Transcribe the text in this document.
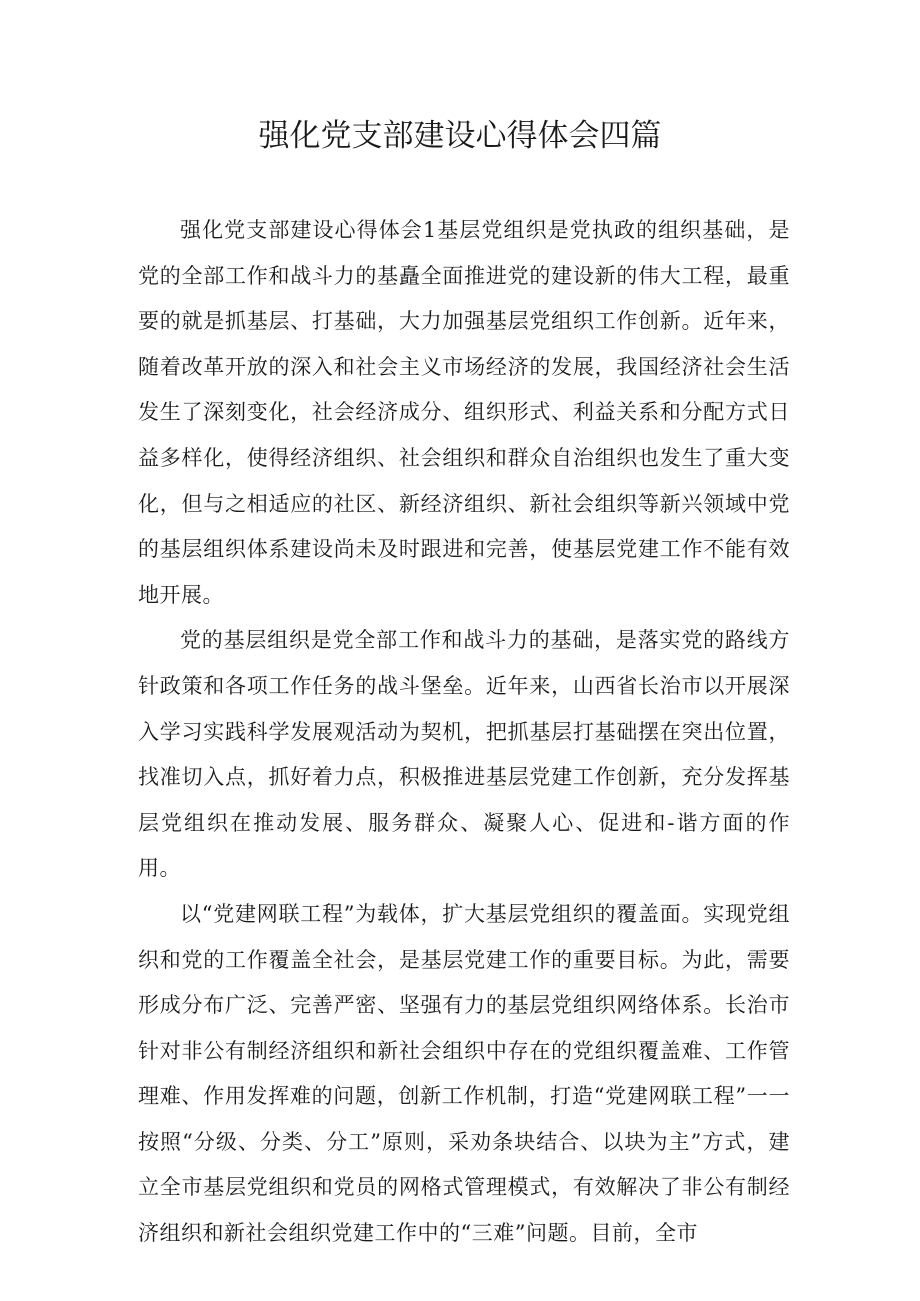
强化党支部建设心得体会四篇

强化党支部建设心得体会1基层党组织是党执政的组织基础，是党的全部工作和战斗力的基矗全面推进党的建设新的伟大工程，最重要的就是抓基层、打基础，大力加强基层党组织工作创新。近年来，随着改革开放的深入和社会主义市场经济的发展，我国经济社会生活发生了深刻变化，社会经济成分、组织形式、利益关系和分配方式日益多样化，使得经济组织、社会组织和群众自治组织也发生了重大变化，但与之相适应的社区、新经济组织、新社会组织等新兴领域中党的基层组织体系建设尚未及时跟进和完善，使基层党建工作不能有效地开展。

党的基层组织是党全部工作和战斗力的基础，是落实党的路线方针政策和各项工作任务的战斗堡垒。近年来，山西省长治市以开展深入学习实践科学发展观活动为契机，把抓基层打基础摆在突出位置，找准切入点，抓好着力点，积极推进基层党建工作创新，充分发挥基层党组织在推动发展、服务群众、凝聚人心、促进和-谐方面的作用。

以“党建网联工程”为载体，扩大基层党组织的覆盖面。实现党组织和党的工作覆盖全社会，是基层党建工作的重要目标。为此，需要形成分布广泛、完善严密、坚强有力的基层党组织网络体系。长治市针对非公有制经济组织和新社会组织中存在的党组织覆盖难、工作管理难、作用发挥难的问题，创新工作机制，打造“党建网联工程”一一按照“分级、分类、分工”原则，采劝条块结合、以块为主”方式，建立全市基层党组织和党员的网格式管理模式，有效解决了非公有制经济组织和新社会组织党建工作中的“三难”问题。目前，全市
